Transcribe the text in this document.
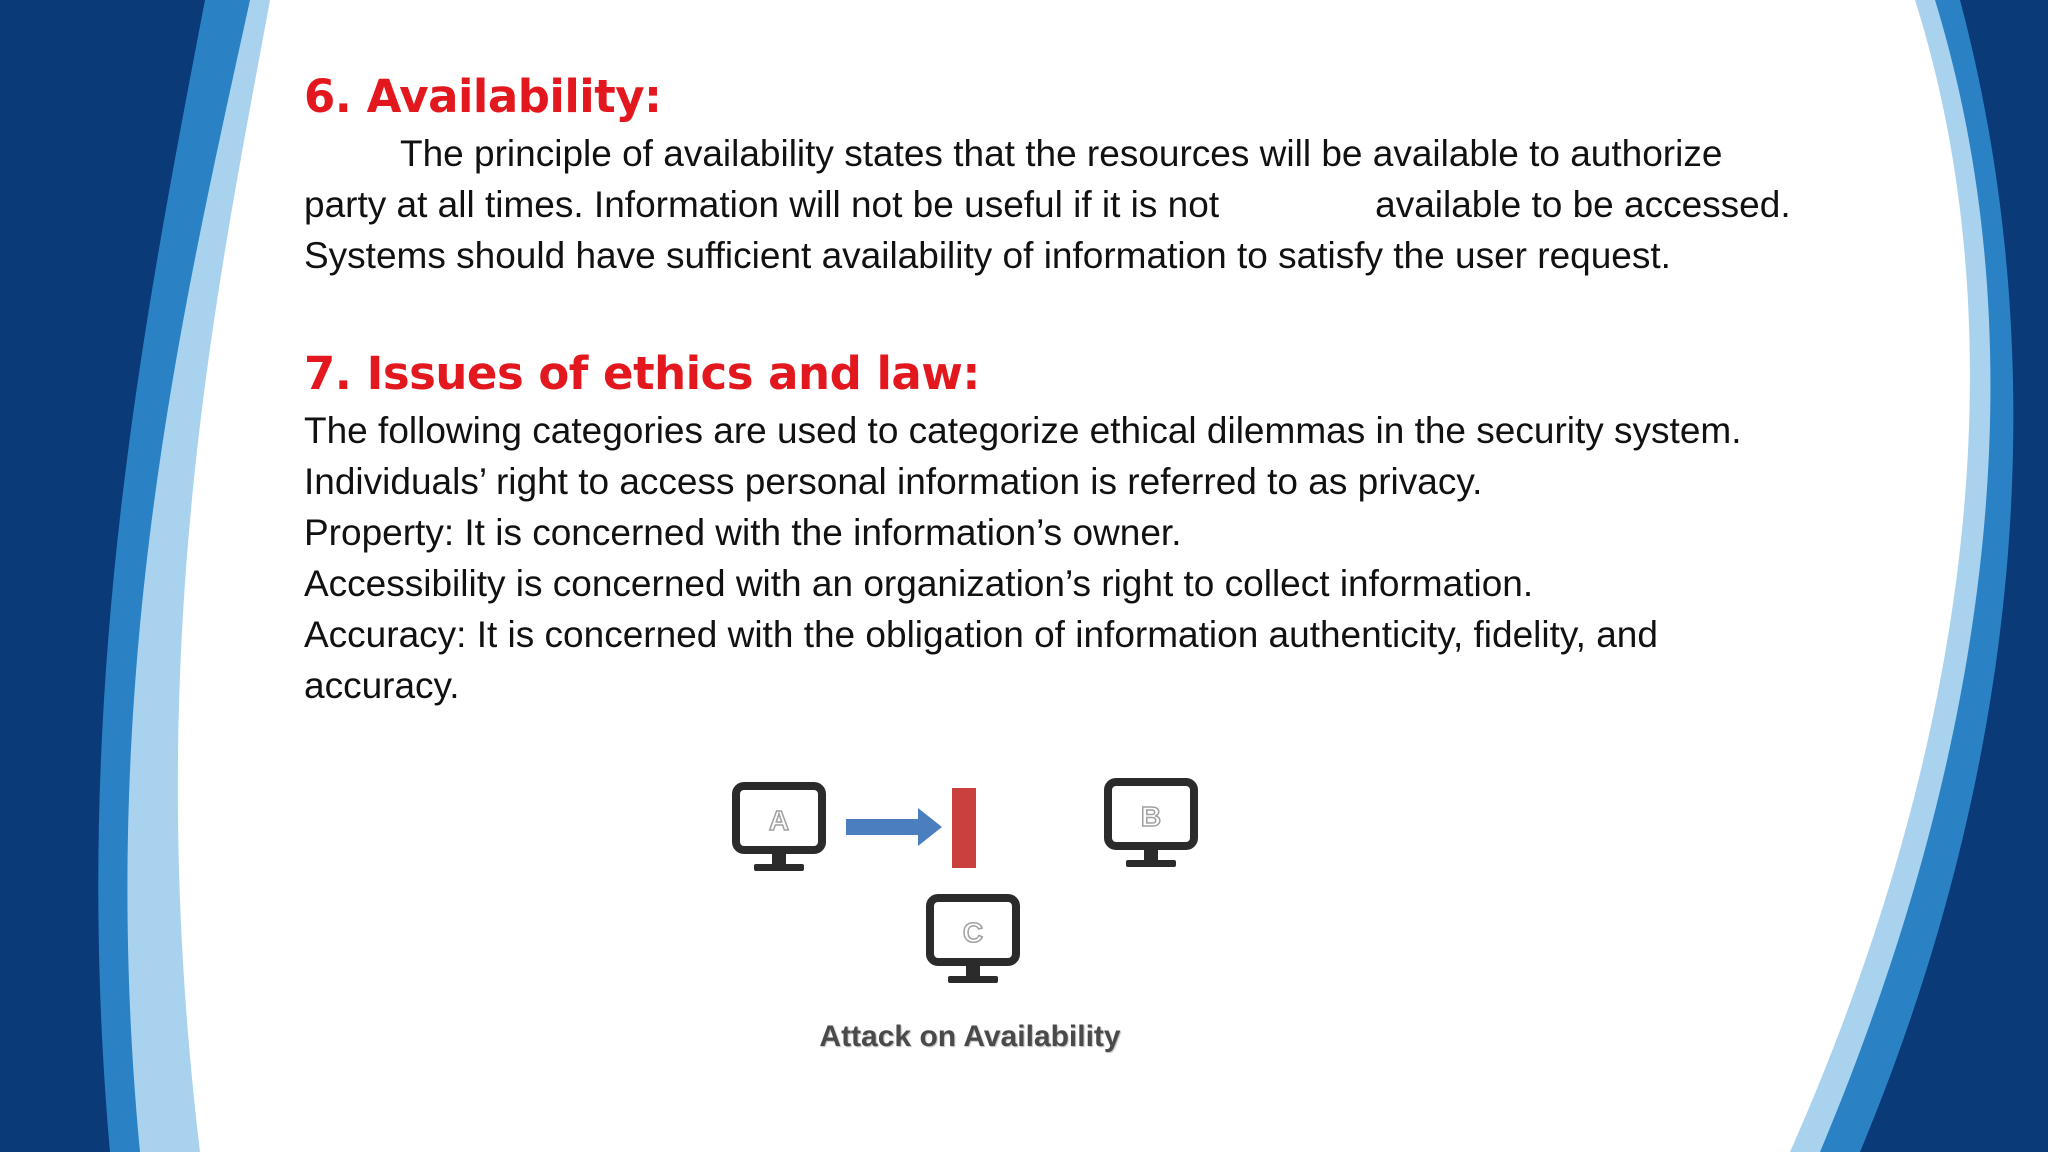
6. Availability:

The principle of availability states that the resources will be available to authorize

party at all times. Information will not be useful if it is not	available to be accessed.

Systems should have sufficient availability of information to satisfy the user request.

7. Issues of ethics and law:

The following categories are used to categorize ethical dilemmas in the security system.

Individuals’ right to access personal information is referred to as privacy.

Property: It is concerned with the information’s owner.

Accessibility is concerned with an organization’s right to collect information.

Accuracy: It is concerned with the obligation of information authenticity, fidelity, and

accuracy.

A	B
C
Attack on Availability
